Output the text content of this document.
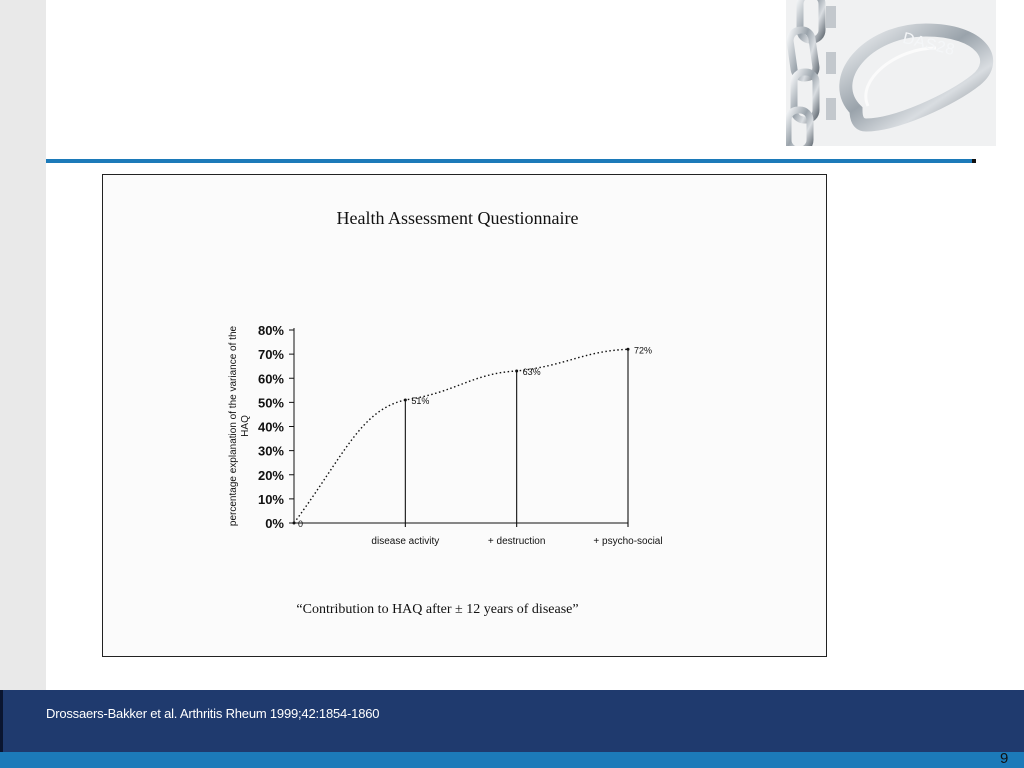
DAS28
Health Assessment Questionnaire
“Contribution to HAQ after ± 12 years of disease”
0%
10%
20%
30%
40%
50%
60%
70%
80%
percentage explanation of the variance of theHAQ
0
51%
disease activity
63%
+ destruction
72%
+ psycho-social
Drossaers-Bakker et al. Arthritis Rheum 1999;42:1854-1860
9
